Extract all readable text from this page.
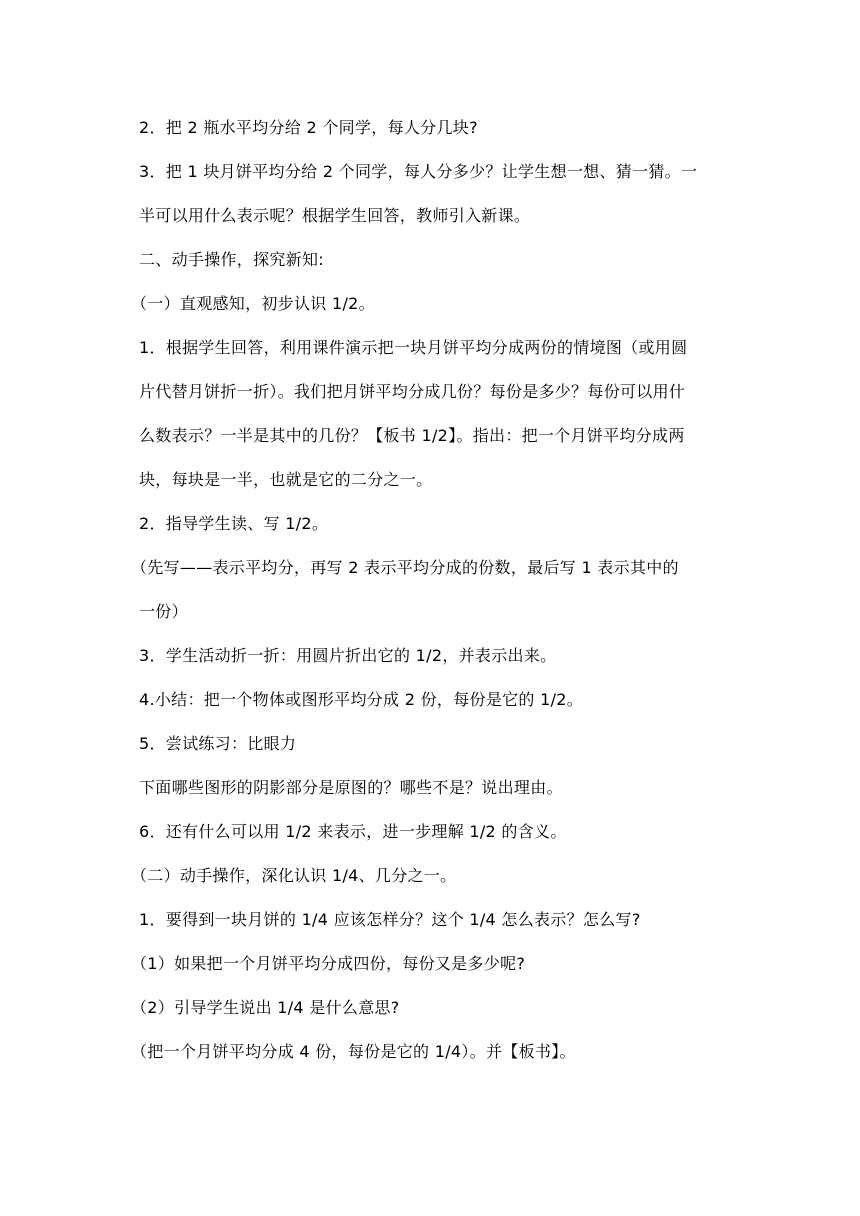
2．把 2 瓶水平均分给 2 个同学，每人分几块?
3．把 1 块月饼平均分给 2 个同学，每人分多少？让学生想一想、猜一猜。一
半可以用什么表示呢？根据学生回答，教师引入新课。
二、动手操作，探究新知:
（一）直观感知，初步认识 1/2。
1．根据学生回答，利用课件演示把一块月饼平均分成两份的情境图（或用圆
片代替月饼折一折）。我们把月饼平均分成几份？每份是多少？每份可以用什
么数表示？一半是其中的几份？【板书 1/2】。指出：把一个月饼平均分成两
块，每块是一半，也就是它的二分之一。
2．指导学生读、写 1/2。
（先写——表示平均分，再写 2 表示平均分成的份数，最后写 1 表示其中的
一份）
3．学生活动折一折：用圆片折出它的 1/2，并表示出来。
4.小结：把一个物体或图形平均分成 2 份，每份是它的 1/2。
5．尝试练习：比眼力
下面哪些图形的阴影部分是原图的？哪些不是？说出理由。
6．还有什么可以用 1/2 来表示，进一步理解 1/2 的含义。
（二）动手操作，深化认识 1/4、几分之一。
1．要得到一块月饼的 1/4 应该怎样分？这个 1/4 怎么表示？怎么写?
（1）如果把一个月饼平均分成四份，每份又是多少呢?
（2）引导学生说出 1/4 是什么意思?
（把一个月饼平均分成 4 份，每份是它的 1/4）。并【板书】。
